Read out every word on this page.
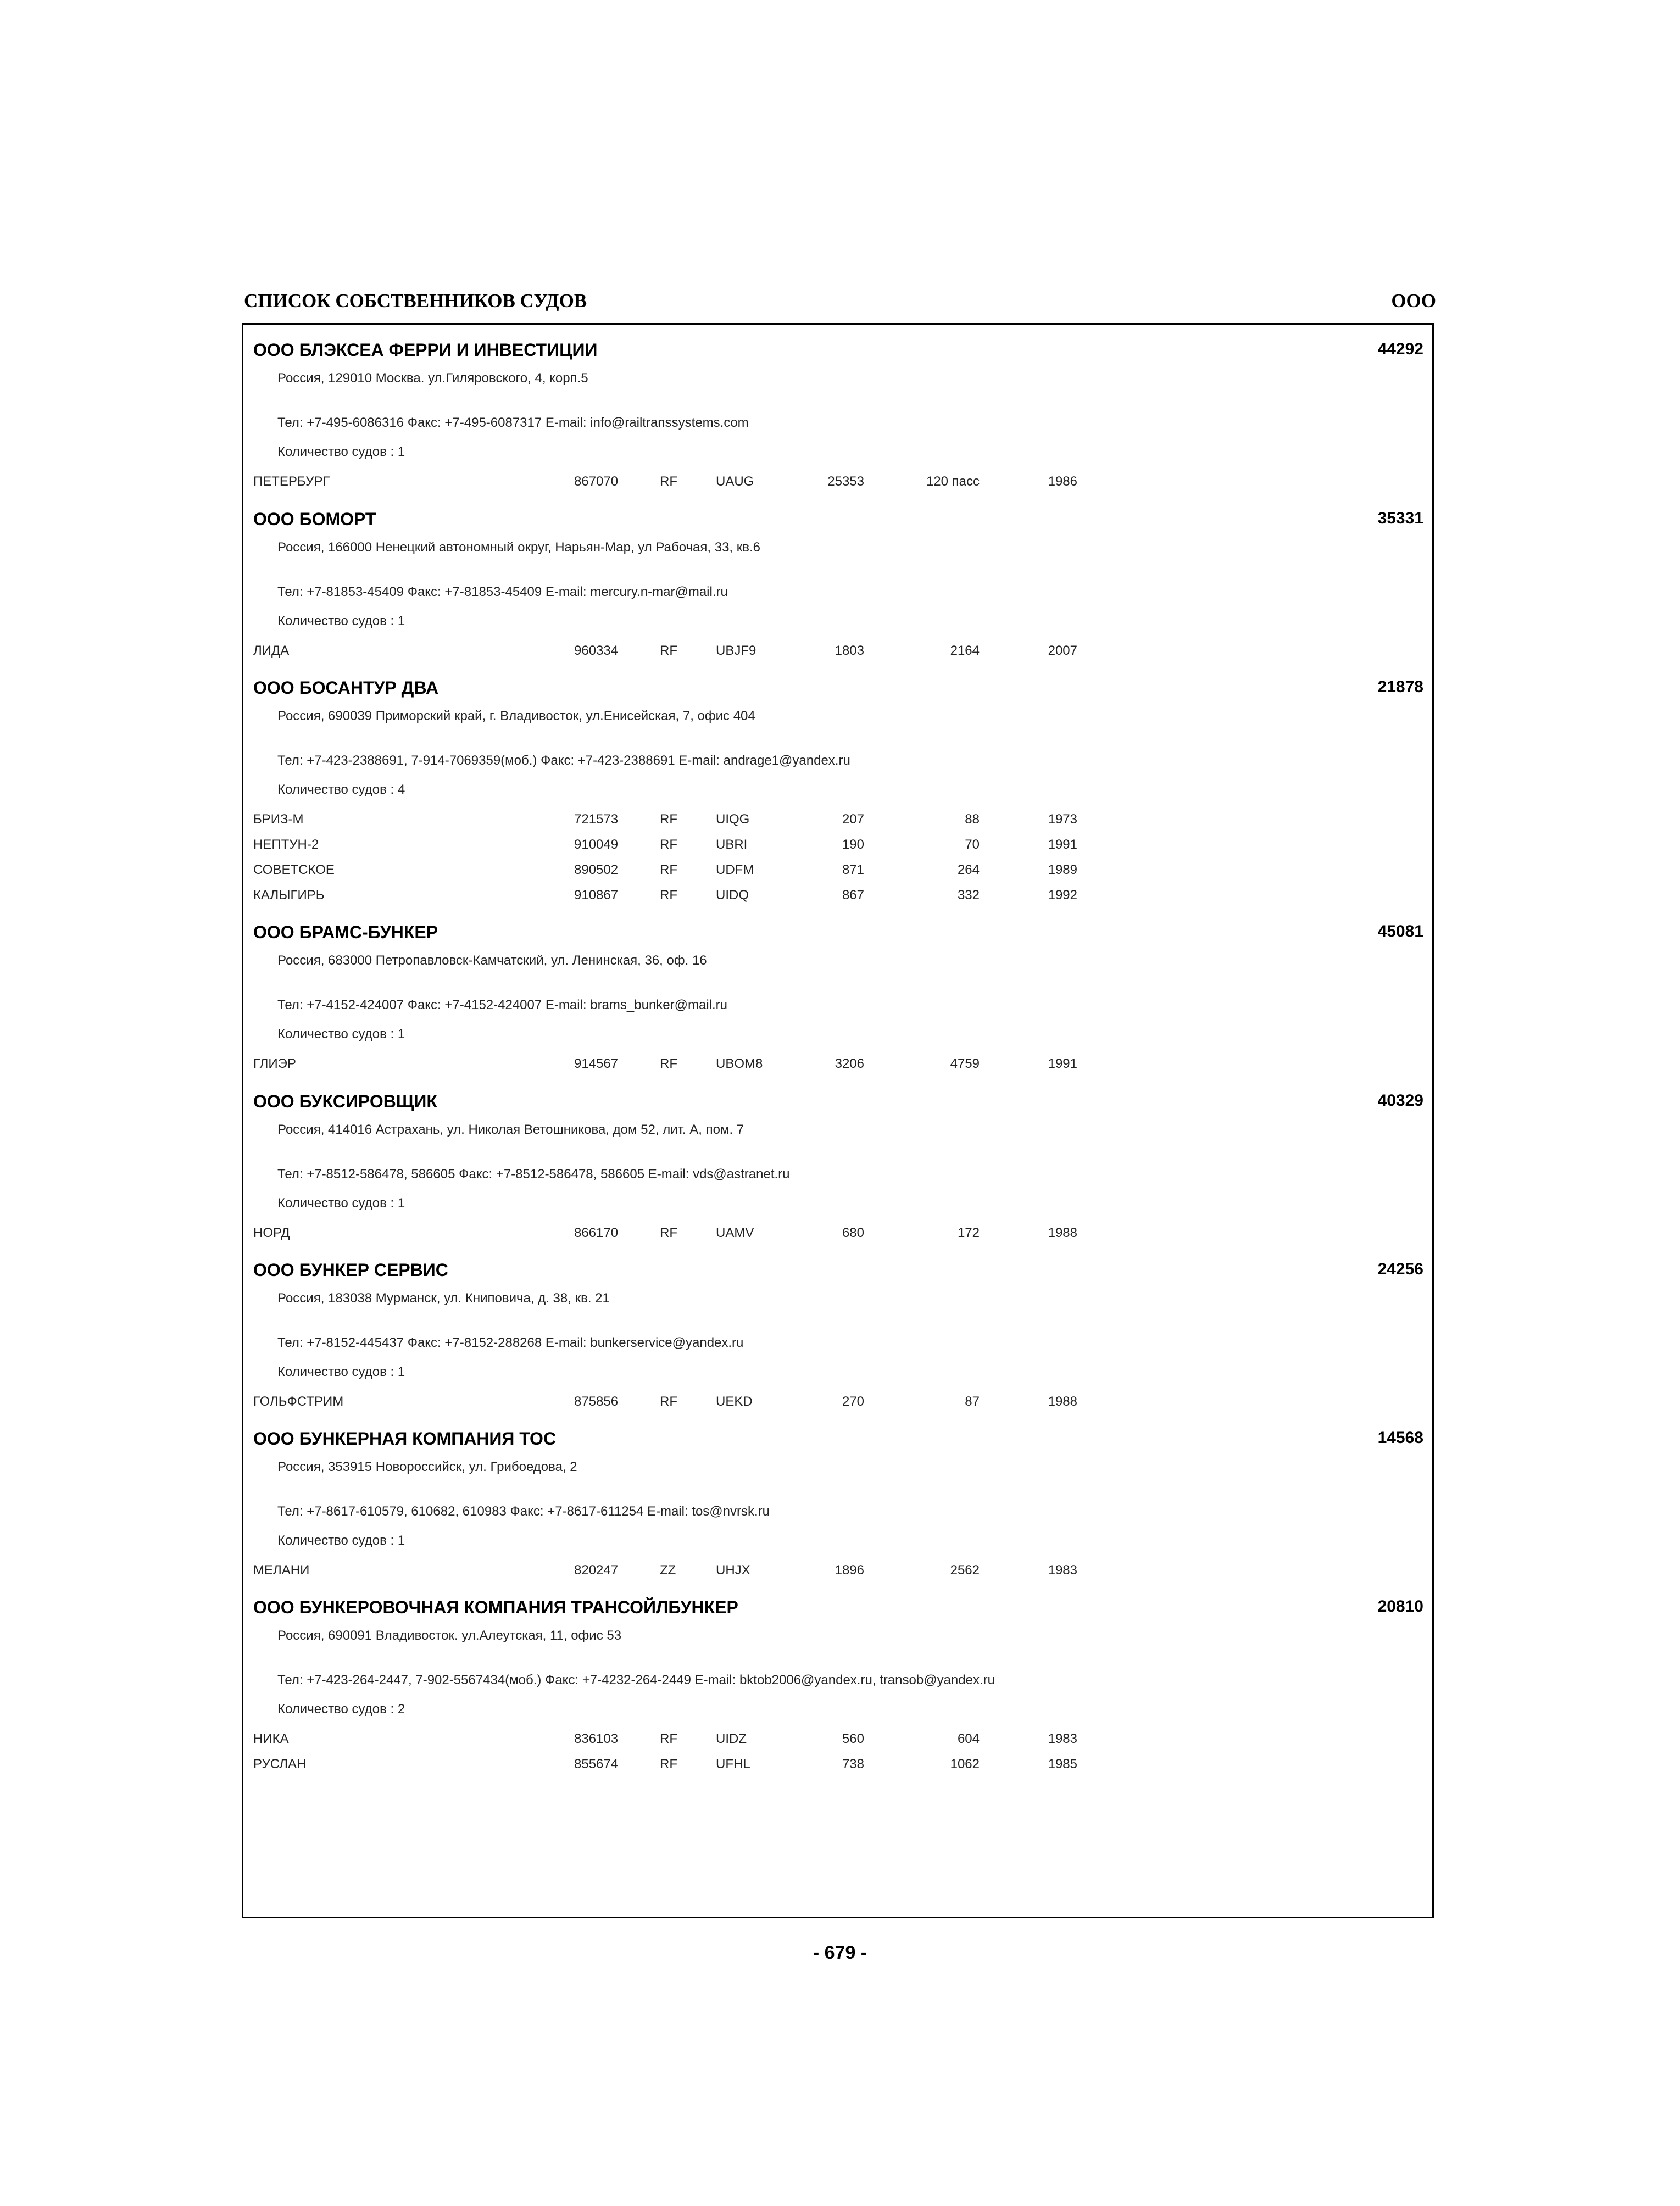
СПИСОК СОБСТВЕННИКОВ СУДОВ	ООО
ООО БЛЭКСЕА ФЕРРИ И ИНВЕСТИЦИИ	44292
Россия, 129010 Москва. ул.Гиляровского, 4, корп.5
Тел: +7-495-6086316 Факс: +7-495-6087317 E-mail: info@railtranssystems.com
Количество судов : 1
ПЕТЕРБУРГ	867070	RF	UAUG	25353	120 пасс	1986
ООО БОМОРТ	35331
Россия, 166000 Ненецкий автономный округ, Нарьян-Мар, ул Рабочая, 33, кв.6
Тел: +7-81853-45409 Факс: +7-81853-45409 E-mail: mercury.n-mar@mail.ru
Количество судов : 1
ЛИДА	960334	RF	UBJF9	1803	2164	2007
ООО БОСАНТУР ДВА	21878
Россия, 690039 Приморский край, г. Владивосток, ул.Енисейская, 7, офис 404
Тел: +7-423-2388691, 7-914-7069359(моб.) Факс: +7-423-2388691 E-mail: andrage1@yandex.ru
Количество судов : 4
БРИЗ-М	721573	RF	UIQG	207	88	1973
НЕПТУН-2	910049	RF	UBRI	190	70	1991
СОВЕТСКОЕ	890502	RF	UDFM	871	264	1989
КАЛЫГИРЬ	910867	RF	UIDQ	867	332	1992
ООО БРАМС-БУНКЕР	45081
Россия, 683000 Петропавловск-Камчатский, ул. Ленинская, 36, оф. 16
Тел: +7-4152-424007 Факс: +7-4152-424007 E-mail: brams_bunker@mail.ru
Количество судов : 1
ГЛИЭР	914567	RF	UBOM8	3206	4759	1991
ООО БУКСИРОВЩИК	40329
Россия, 414016 Астрахань, ул. Николая Ветошникова, дом 52, лит. А, пом. 7
Тел: +7-8512-586478, 586605 Факс: +7-8512-586478, 586605 E-mail: vds@astranet.ru
Количество судов : 1
НОРД	866170	RF	UAMV	680	172	1988
ООО БУНКЕР СЕРВИС	24256
Россия, 183038 Мурманск, ул. Книповича, д. 38, кв. 21
Тел: +7-8152-445437 Факс: +7-8152-288268 E-mail: bunkerservice@yandex.ru
Количество судов : 1
ГОЛЬФСТРИМ	875856	RF	UEKD	270	87	1988
ООО БУНКЕРНАЯ КОМПАНИЯ ТОС	14568
Россия, 353915 Новороссийск, ул. Грибоедова, 2
Тел: +7-8617-610579, 610682, 610983 Факс: +7-8617-611254 E-mail: tos@nvrsk.ru
Количество судов : 1
МЕЛАНИ	820247	ZZ	UHJX	1896	2562	1983
ООО БУНКЕРОВОЧНАЯ КОМПАНИЯ ТРАНСОЙЛБУНКЕР	20810
Россия, 690091 Владивосток. ул.Алеутская, 11, офис 53
Тел: +7-423-264-2447, 7-902-5567434(моб.) Факс: +7-4232-264-2449 E-mail: bktob2006@yandex.ru, transob@yandex.ru
Количество судов : 2
НИКА	836103	RF	UIDZ	560	604	1983
РУСЛАН	855674	RF	UFHL	738	1062	1985
- 679 -
